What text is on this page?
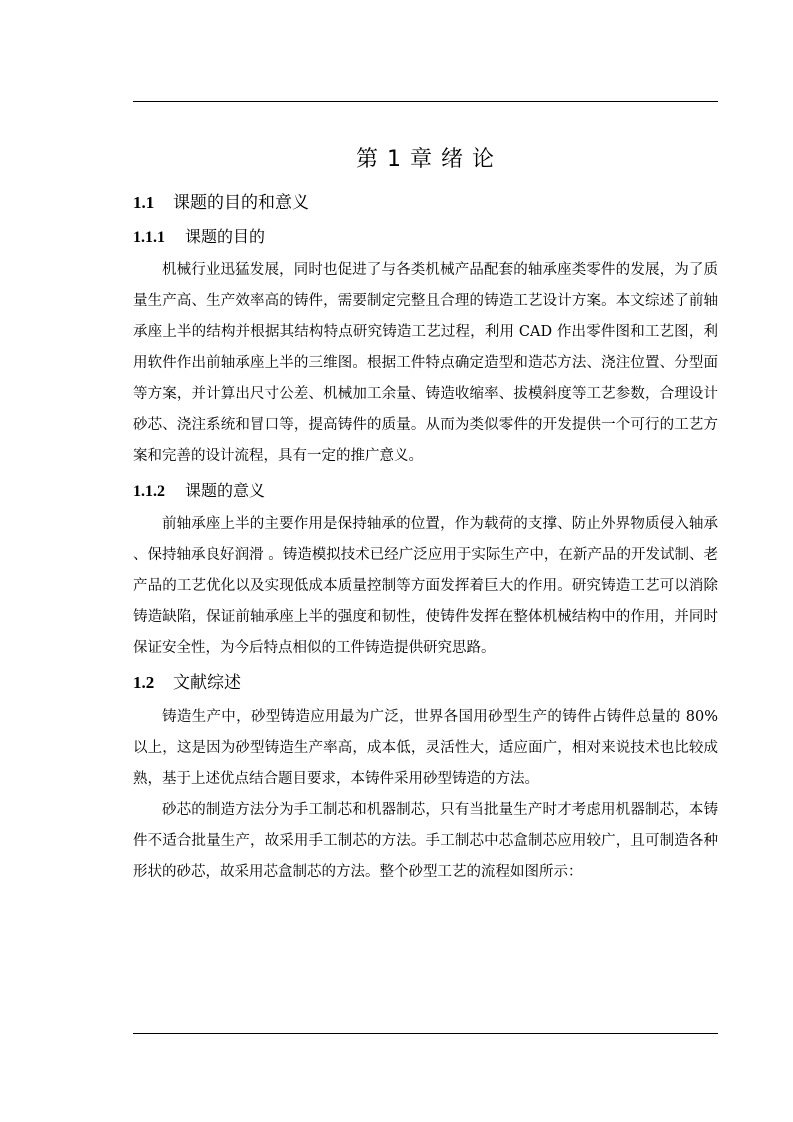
第 1 章 绪 论
1.1 课题的目的和意义
1.1.1 课题的目的

机械行业迅猛发展，同时也促进了与各类机械产品配套的轴承座类零件的发展，为了质量生产高、生产效率高的铸件，需要制定完整且合理的铸造工艺设计方案。本文综述了前轴承座上半的结构并根据其结构特点研究铸造工艺过程，利用 CAD 作出零件图和工艺图，利用软件作出前轴承座上半的三维图。根据工件特点确定造型和造芯方法、浇注位置、分型面等方案，并计算出尺寸公差、机械加工余量、铸造收缩率、拔模斜度等工艺参数，合理设计砂芯、浇注系统和冒口等，提高铸件的质量。从而为类似零件的开发提供一个可行的工艺方案和完善的设计流程，具有一定的推广意义。

1.1.2 课题的意义

前轴承座上半的主要作用是保持轴承的位置，作为载荷的支撑、防止外界物质侵入轴承 、保持轴承良好润滑 。铸造模拟技术已经广泛应用于实际生产中，在新产品的开发试制、老产品的工艺优化以及实现低成本质量控制等方面发挥着巨大的作用。研究铸造工艺可以消除铸造缺陷，保证前轴承座上半的强度和韧性，使铸件发挥在整体机械结构中的作用，并同时保证安全性，为今后特点相似的工件铸造提供研究思路。

1.2 文献综述

铸造生产中，砂型铸造应用最为广泛，世界各国用砂型生产的铸件占铸件总量的 80% 以上，这是因为砂型铸造生产率高，成本低，灵活性大，适应面广，相对来说技术也比较成熟，基于上述优点结合题目要求，本铸件采用砂型铸造的方法。

砂芯的制造方法分为手工制芯和机器制芯，只有当批量生产时才考虑用机器制芯，本铸件不适合批量生产，故采用手工制芯的方法。手工制芯中芯盒制芯应用较广，且可制造各种形状的砂芯，故采用芯盒制芯的方法。整个砂型工艺的流程如图所示：
